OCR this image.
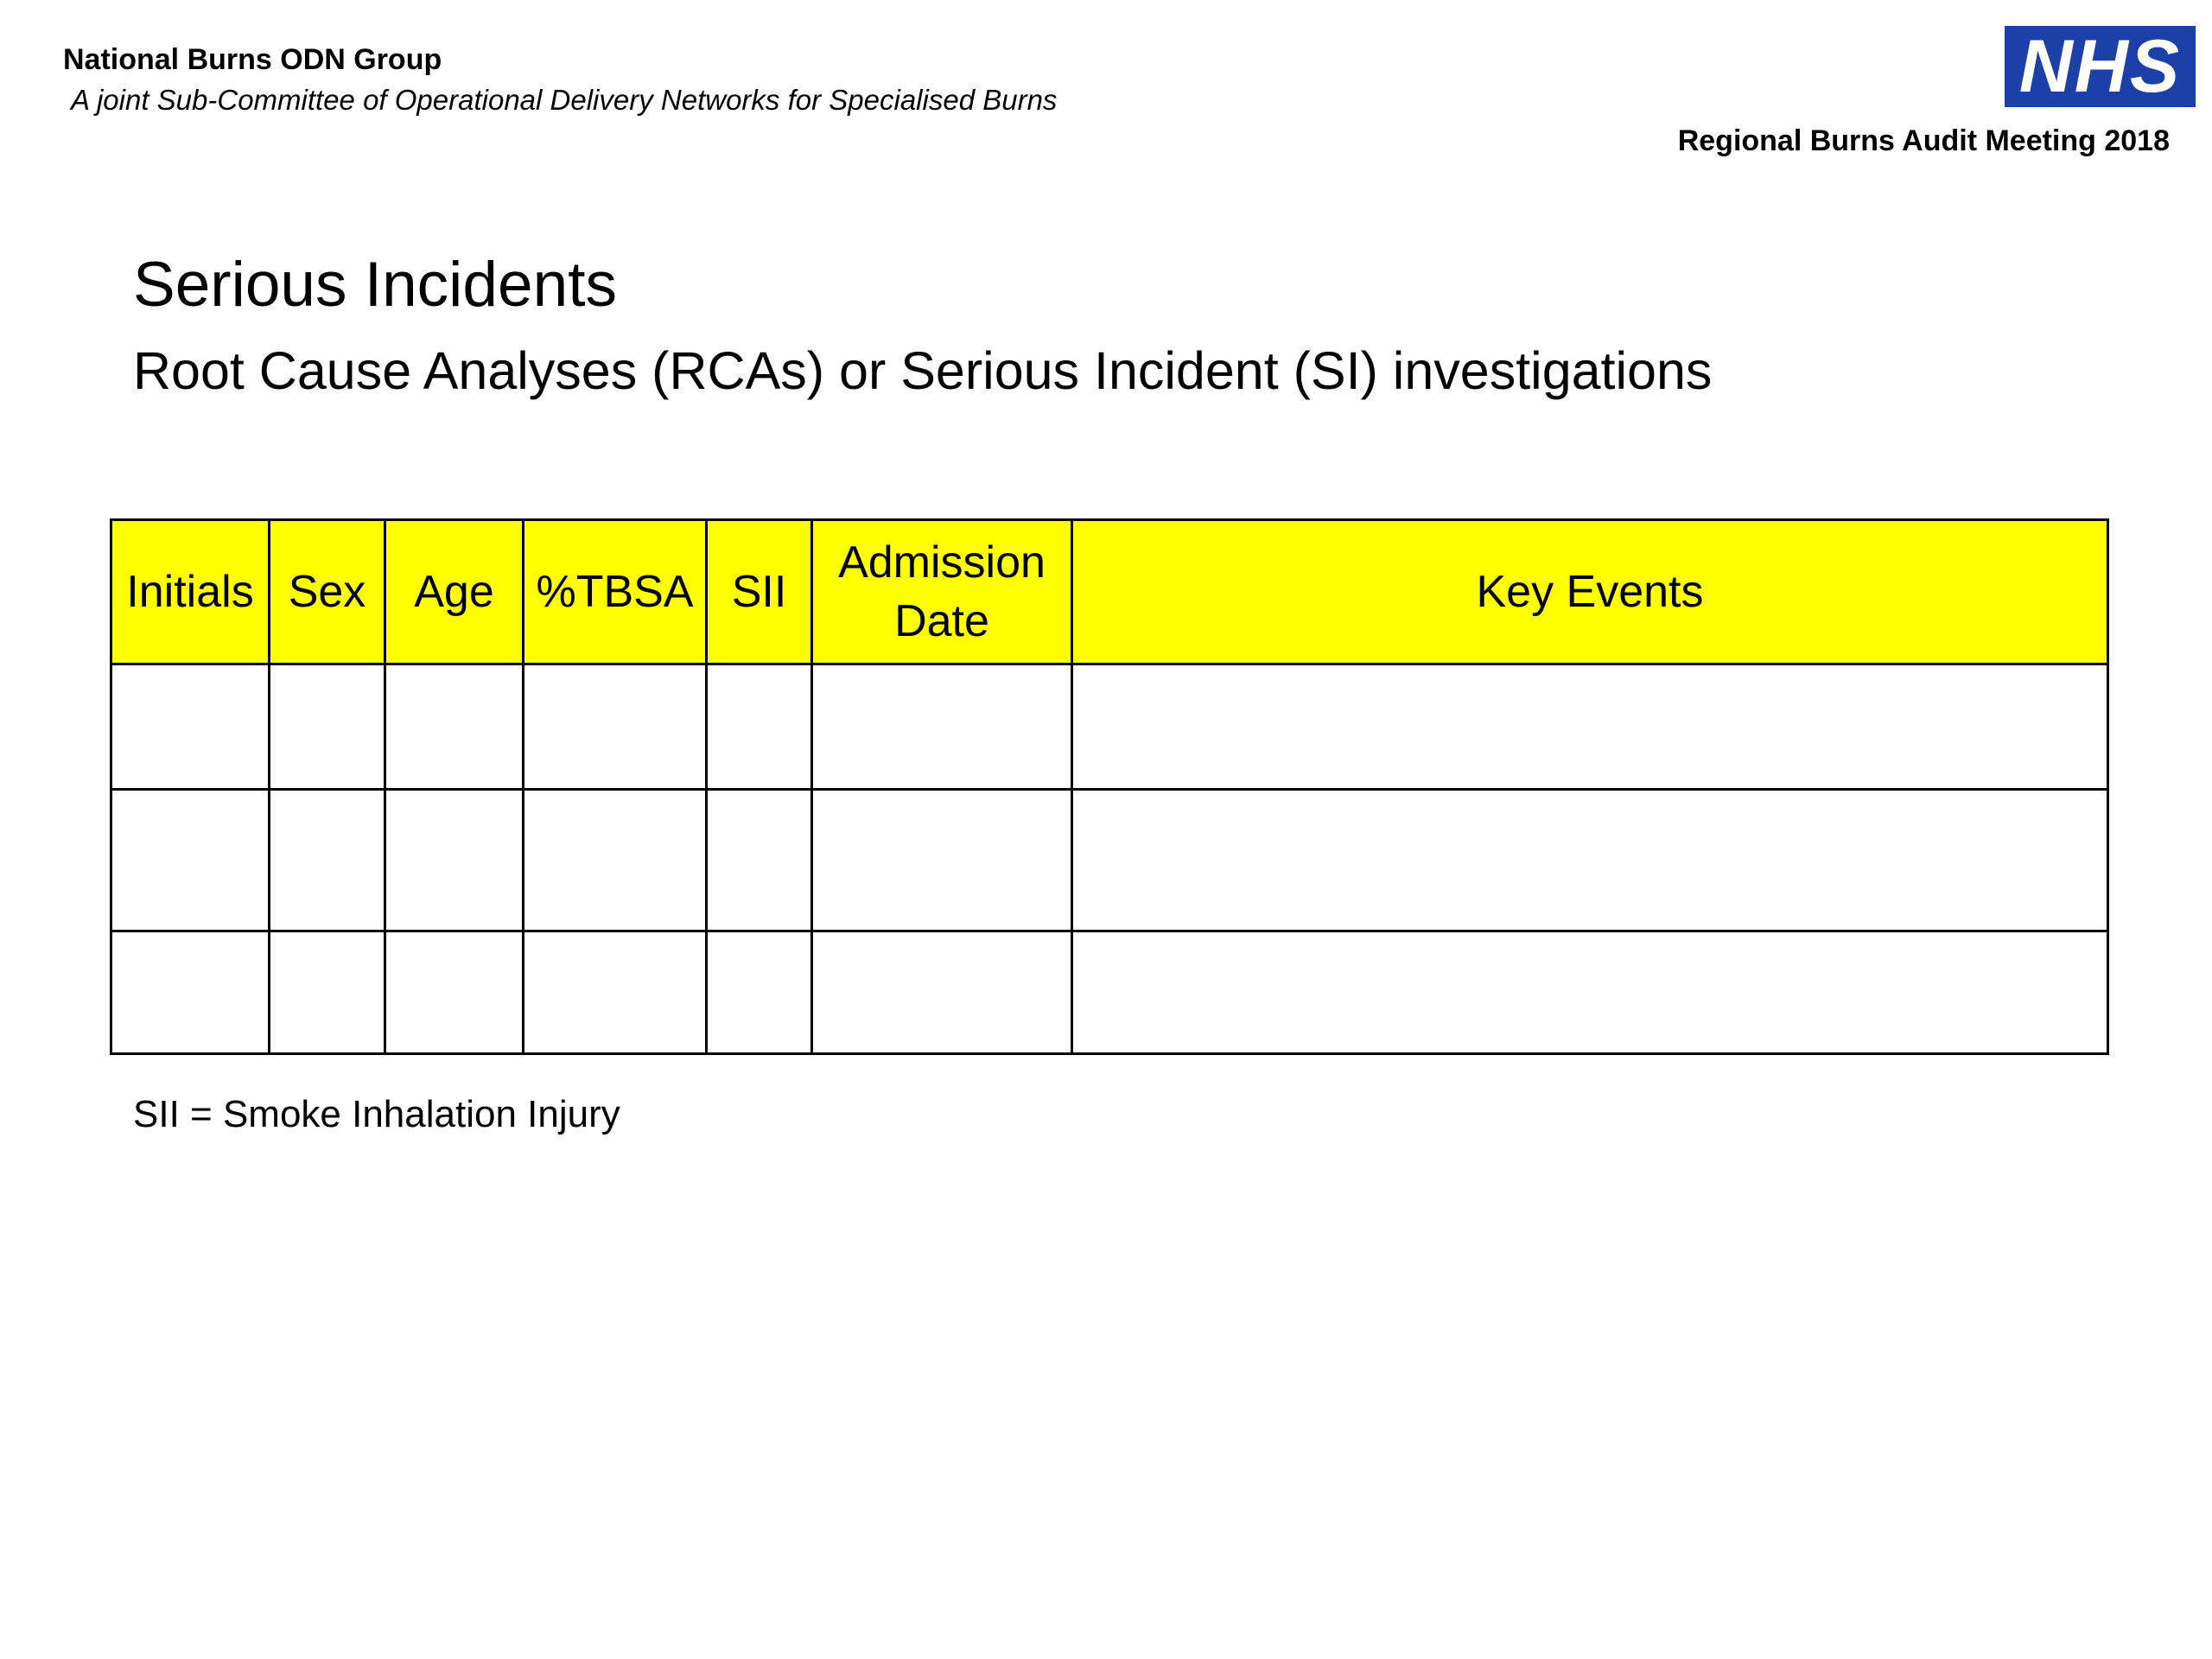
National Burns ODN Group
A joint Sub-Committee of Operational Delivery Networks for Specialised Burns	NHS
Regional Burns Audit Meeting 2018
Serious Incidents
Root Cause Analyses (RCAs) or Serious Incident (SI) investigations
Initials	Sex	Age	%TBSA	SII	Admission Date	Key Events

SII = Smoke Inhalation Injury
